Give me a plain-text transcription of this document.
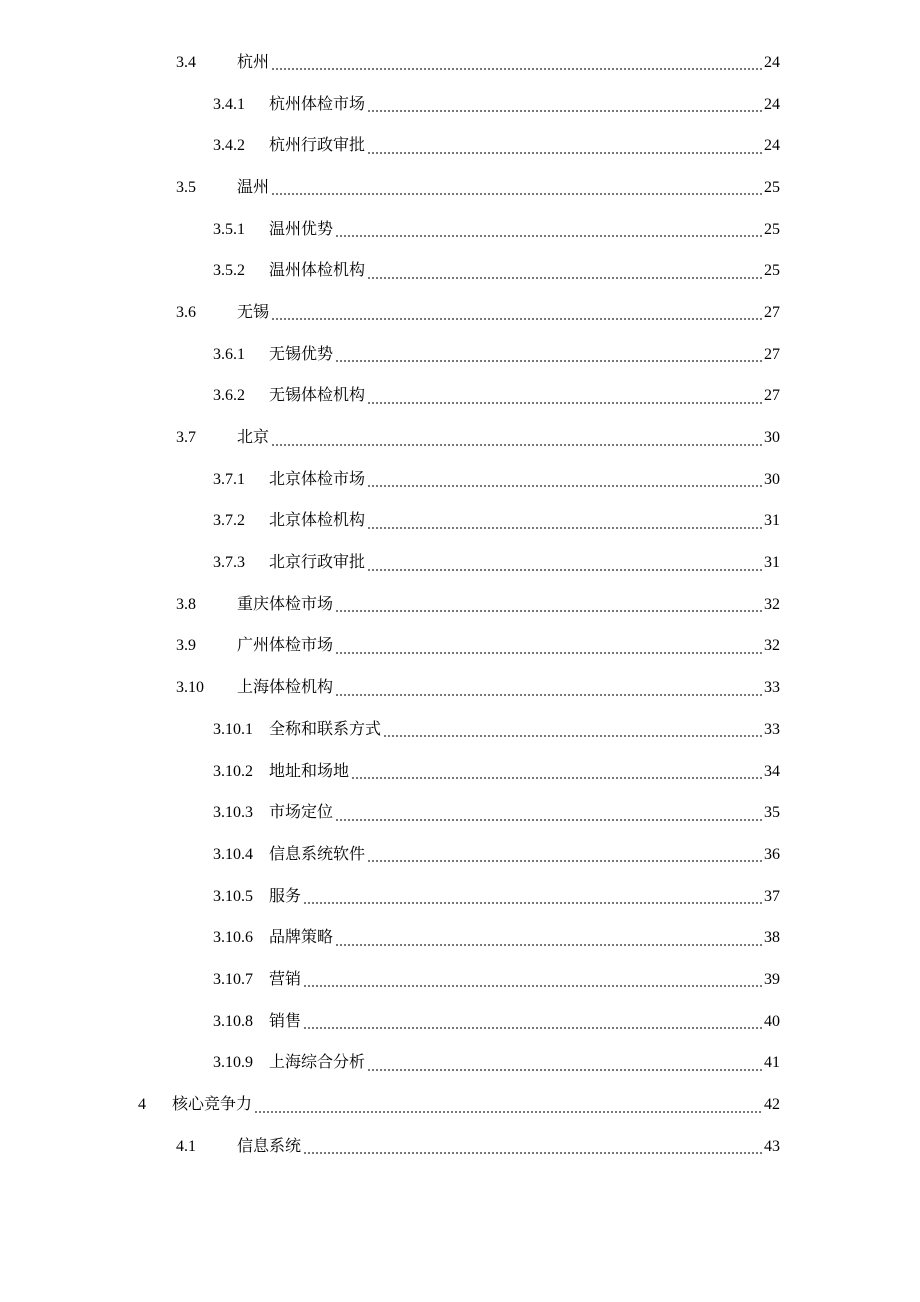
3.4	杭州	24
3.4.1	杭州体检市场	24
3.4.2	杭州行政审批	24
3.5	温州	25
3.5.1	温州优势	25
3.5.2	温州体检机构	25
3.6	无锡	27
3.6.1	无锡优势	27
3.6.2	无锡体检机构	27
3.7	北京	30
3.7.1	北京体检市场	30
3.7.2	北京体检机构	31
3.7.3	北京行政审批	31
3.8	重庆体检市场	32
3.9	广州体检市场	32
3.10	上海体检机构	33
3.10.1	全称和联系方式	33
3.10.2	地址和场地	34
3.10.3	市场定位	35
3.10.4	信息系统软件	36
3.10.5	服务	37
3.10.6	品牌策略	38
3.10.7	营销	39
3.10.8	销售	40
3.10.9	上海综合分析	41
4	核心竞争力	42
4.1	信息系统	43
